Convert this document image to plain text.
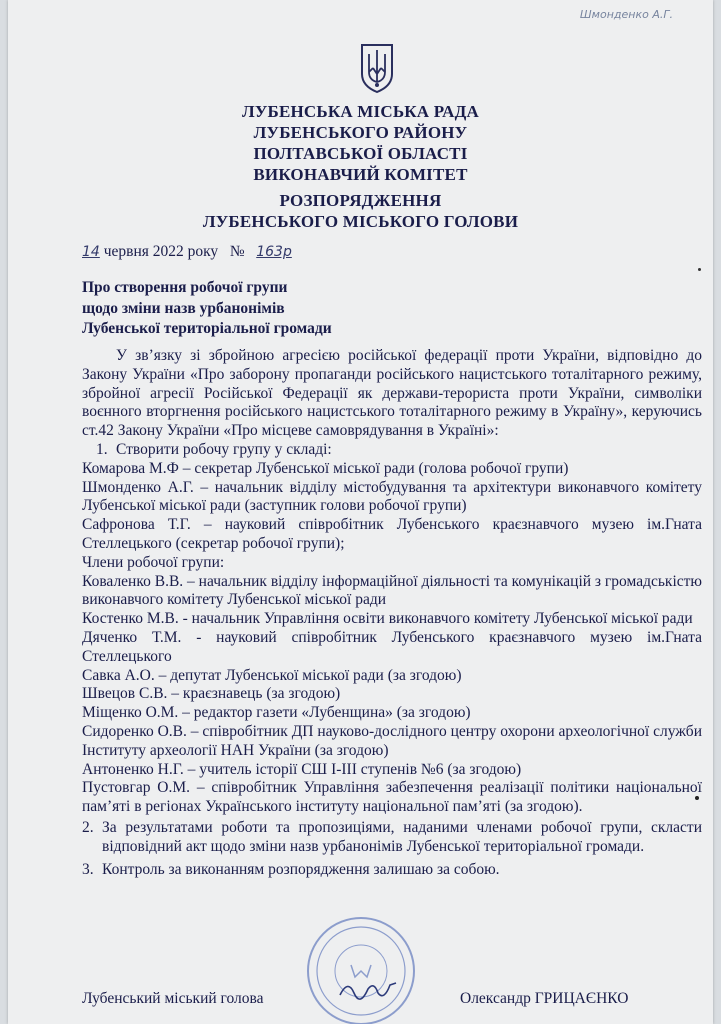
Шмонденко А.Г.
ЛУБЕНСЬКА МІСЬКА РАДА
ЛУБЕНСЬКОГО РАЙОНУ
ПОЛТАВСЬКОЇ ОБЛАСТІ
ВИКОНАВЧИЙ КОМІТЕТ
РОЗПОРЯДЖЕННЯ
ЛУБЕНСЬКОГО МІСЬКОГО ГОЛОВИ
14 червня 2022 року № 163р
Про створення робочої групи
щодо зміни назв урбанонімів
Лубенської територіальної громади

У зв’язку зі збройною агресією російської федерації проти України, відповідно до Закону України «Про заборону пропаганди російського нацистського тоталітарного режиму, збройної агресії Російської Федерації як держави-терориста проти України, символіки воєнного вторгнення російського нацистського тоталітарного режиму в Україну», керуючись ст.42 Закону України «Про місцеве самоврядування в Україні»:

1. Створити робочу групу у складі:

Комарова М.Ф – секретар Лубенської міської ради (голова робочої групи)

Шмонденко А.Г. – начальник відділу містобудування та архітектури виконавчого комітету Лубенської міської ради (заступник голови робочої групи)

Сафронова Т.Г. – науковий співробітник Лубенського краєзнавчого музею ім.Гната Стеллецького (секретар робочої групи);

Члени робочої групи:

Коваленко В.В. – начальник відділу інформаційної діяльності та комунікацій з громадськістю виконавчого комітету Лубенської міської ради

Костенко М.В. - начальник Управління освіти виконавчого комітету Лубенської міської ради

Дяченко Т.М. - науковий співробітник Лубенського краєзнавчого музею ім.Гната Стеллецького

Савка А.О. – депутат Лубенської міської ради (за згодою)

Швецов С.В. – краєзнавець (за згодою)

Міщенко О.М. – редактор газети «Лубенщина» (за згодою)

Сидоренко О.В. – співробітник ДП науково-дослідного центру охорони археологічної служби Інституту археології НАН України (за згодою)

Антоненко Н.Г. – учитель історії СШ І-ІІІ ступенів №6 (за згодою)

Пустовгар О.М. – співробітник Управління забезпечення реалізації політики національної пам’яті в регіонах Українського інституту національної пам’яті (за згодою).

2. За результатами роботи та пропозиціями, наданими членами робочої групи, скласти відповідний акт щодо зміни назв урбанонімів Лубенської територіальної громади.
3. Контроль за виконанням розпорядження залишаю за собою.
Лубенський міський голова	Олександр ГРИЦАЄНКО
